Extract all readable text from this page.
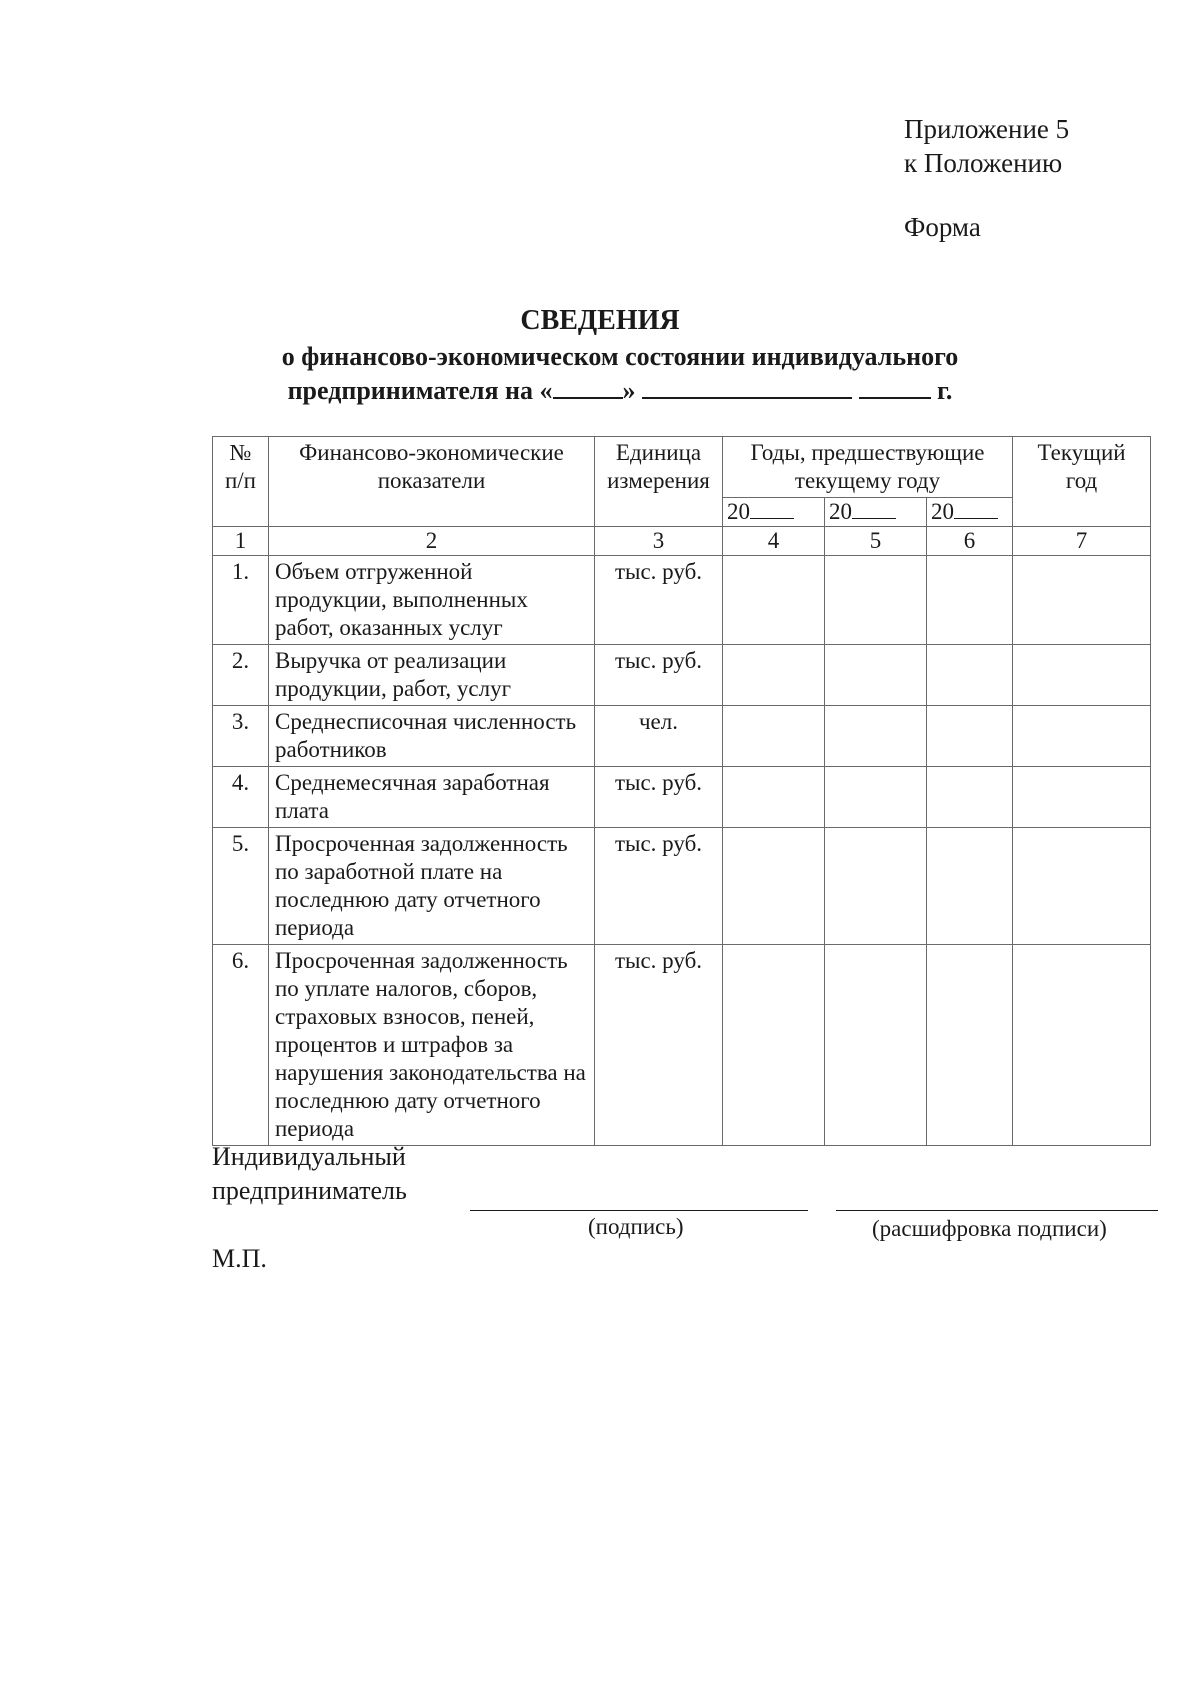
Приложение 5
к Положению
Форма
СВЕДЕНИЯ
о финансово-экономическом состоянии индивидуального
предпринимателя на «	»	г.
№ п/п	Финансово-экономические показатели	Единица измерения	Годы, предшествующие текущему году			Текущий год
			20	20	20	
1	2	3	4	5	6	7
1.	Объем отгруженной продукции, выполненных работ, оказанных услуг	тыс. руб.				
2.	Выручка от реализации продукции, работ, услуг	тыс. руб.				
3.	Среднесписочная численность работников	чел.				
4.	Среднемесячная заработная плата	тыс. руб.				
5.	Просроченная задолженность по заработной плате на последнюю дату отчетного периода	тыс. руб.				
6.	Просроченная задолженность по уплате налогов, сборов, страховых взносов, пеней, процентов и штрафов за нарушения законодательства на последнюю дату отчетного периода	тыс. руб.				
Индивидуальный
предприниматель
(подпись)	(расшифровка подписи)
М.П.
